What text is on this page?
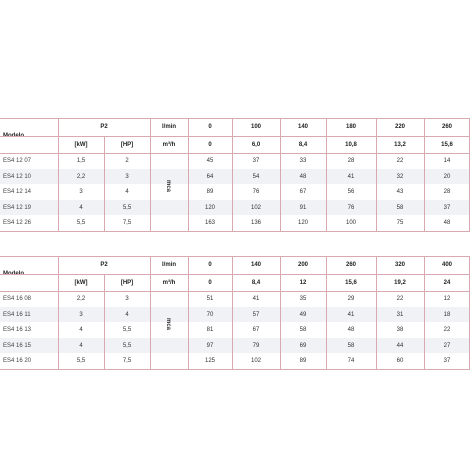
P2	l/min	0	100	140	180	220	260
[kW]	[HP]	m³/h	0	6,0	8,4	10,8	13,2	15,6
ES4 12 07	1,5	2	45	37	33	28	22	14
ES4 12 10	2,2	3	64	54	48	41	32	20
ES4 12 14	3	4	89	76	67	56	43	28
ES4 12 19	4	5,5	120	102	91	76	58	37
ES4 12 26	5,5	7,5	163	136	120	100	75	48
mca
P2	l/min	0	140	200	260	320	400
[kW]	[HP]	m³/h	0	8,4	12	15,6	19,2	24
ES4 16 08	2,2	3	51	41	35	29	22	12
ES4 16 11	3	4	70	57	49	41	31	18
ES4 16 13	4	5,5	81	67	58	48	38	22
ES4 16 15	4	5,5	97	79	69	58	44	27
ES4 16 20	5,5	7,5	125	102	89	74	60	37
mca
